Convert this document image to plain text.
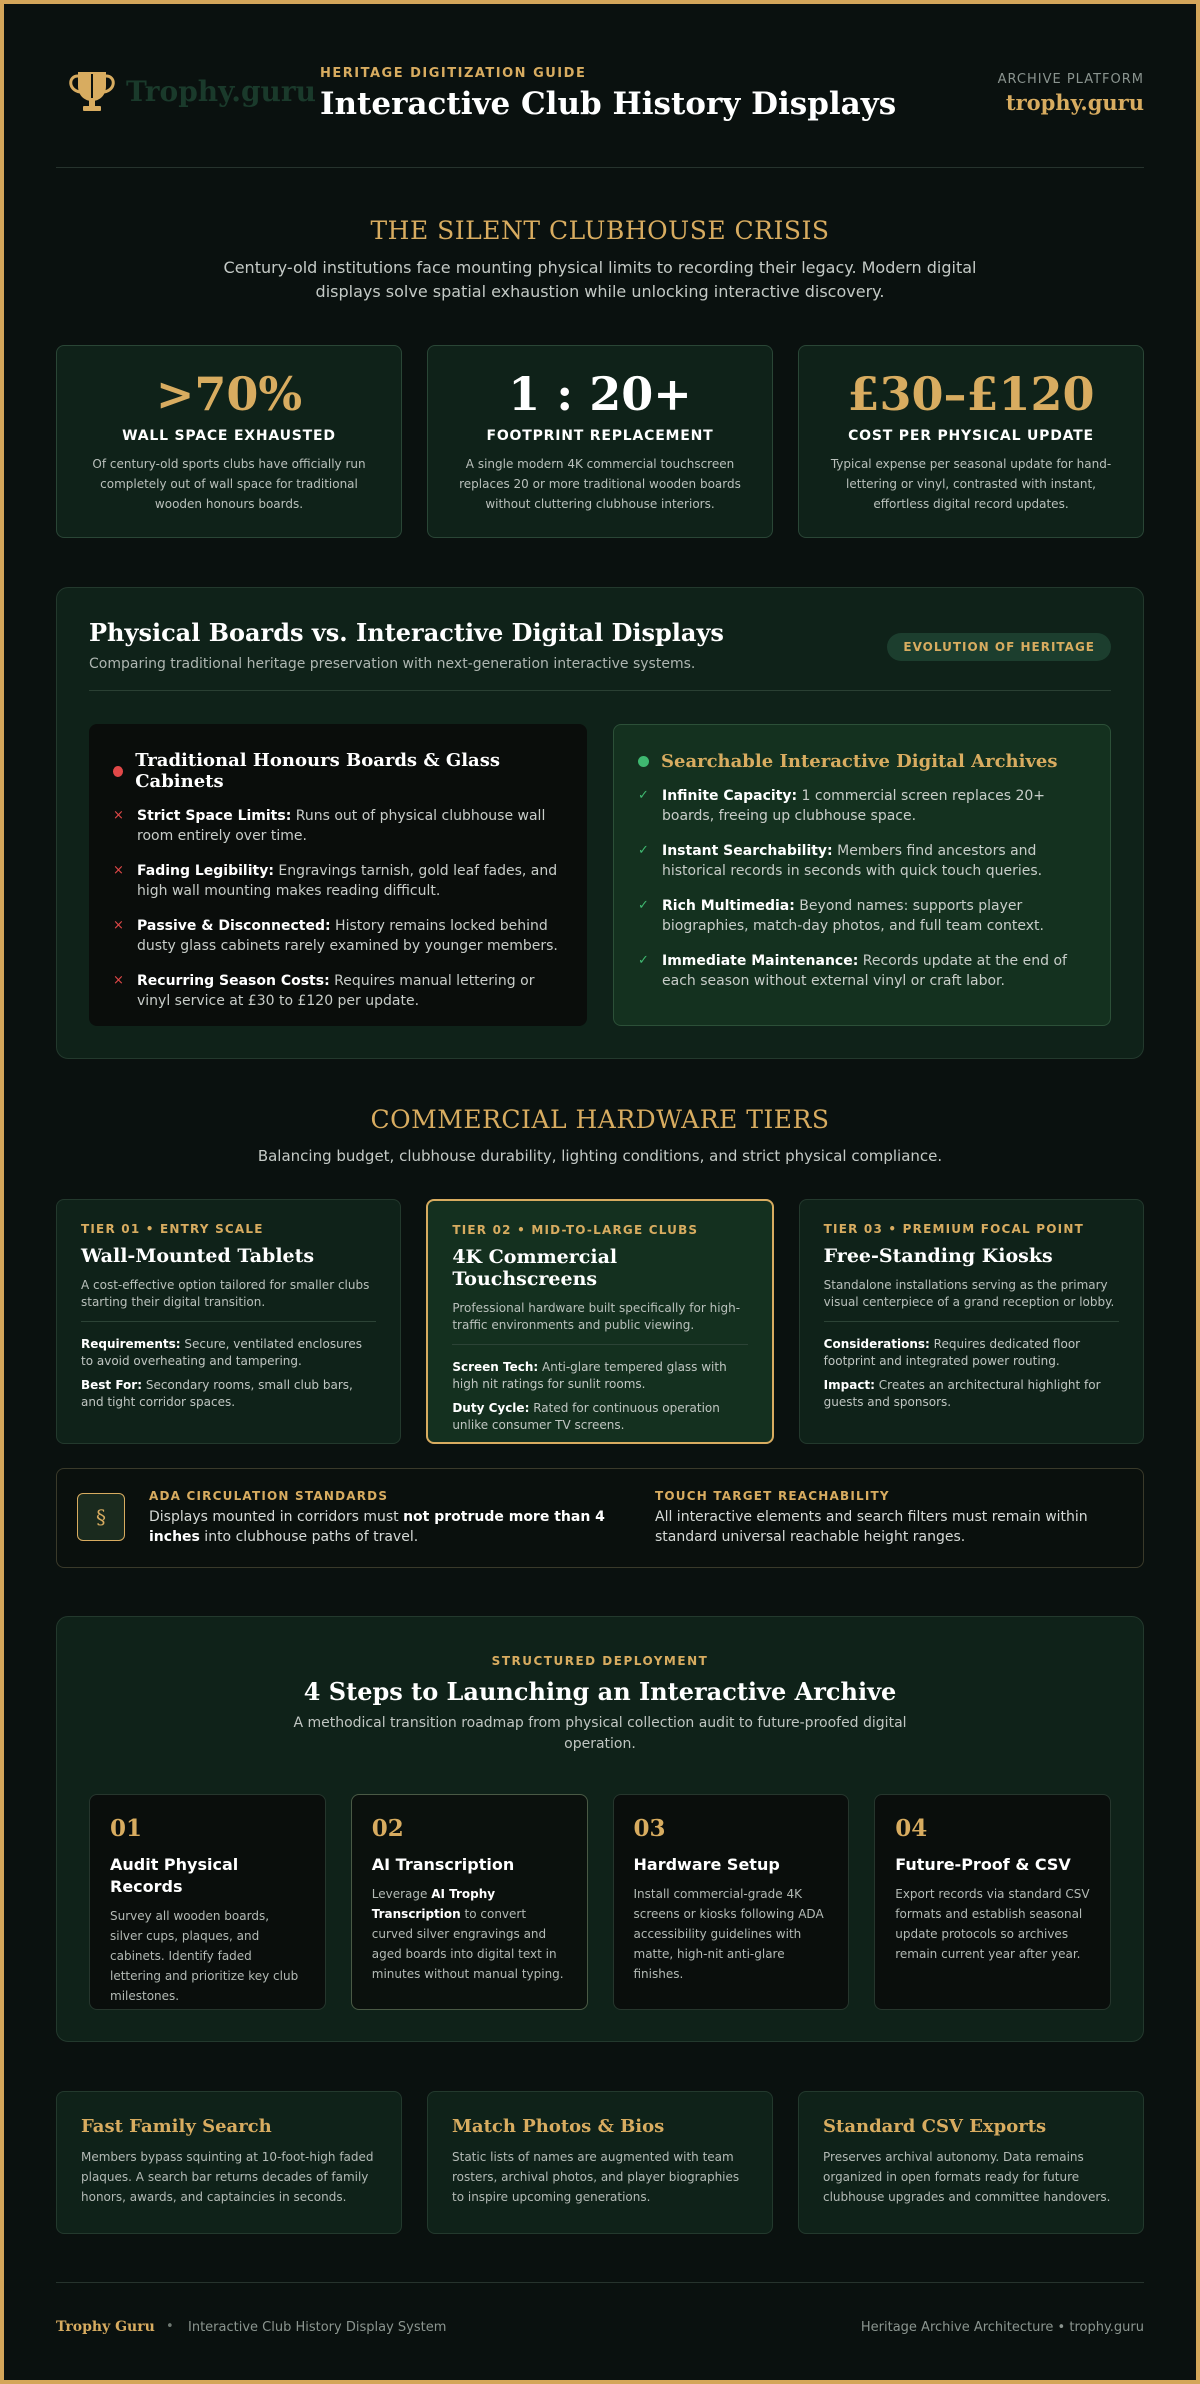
Trophy.guru
HERITAGE DIGITIZATION GUIDE
Interactive Club History Displays
ARCHIVE PLATFORM
trophy.guru
THE SILENT CLUBHOUSE CRISIS
Century-old institutions face mounting physical limits to recording their legacy. Modern digital displays solve spatial exhaustion while unlocking interactive discovery.
>70%
WALL SPACE EXHAUSTED
Of century-old sports clubs have officially run completely out of wall space for traditional wooden honours boards.
1 : 20+
FOOTPRINT REPLACEMENT
A single modern 4K commercial touchscreen replaces 20 or more traditional wooden boards without cluttering clubhouse interiors.
£30–£120
COST PER PHYSICAL UPDATE
Typical expense per seasonal update for hand-lettering or vinyl, contrasted with instant, effortless digital record updates.
Physical Boards vs. Interactive Digital Displays
Comparing traditional heritage preservation with next-generation interactive systems.
EVOLUTION OF HERITAGE
Traditional Honours Boards & Glass Cabinets
× Strict Space Limits: Runs out of physical clubhouse wall room entirely over time.
× Fading Legibility: Engravings tarnish, gold leaf fades, and high wall mounting makes reading difficult.
× Passive & Disconnected: History remains locked behind dusty glass cabinets rarely examined by younger members.
× Recurring Season Costs: Requires manual lettering or vinyl service at £30 to £120 per update.
Searchable Interactive Digital Archives
✓ Infinite Capacity: 1 commercial screen replaces 20+ boards, freeing up clubhouse space.
✓ Instant Searchability: Members find ancestors and historical records in seconds with quick touch queries.
✓ Rich Multimedia: Beyond names: supports player biographies, match-day photos, and full team context.
✓ Immediate Maintenance: Records update at the end of each season without external vinyl or craft labor.
COMMERCIAL HARDWARE TIERS
Balancing budget, clubhouse durability, lighting conditions, and strict physical compliance.
TIER 01 • ENTRY SCALE
Wall-Mounted Tablets
A cost-effective option tailored for smaller clubs starting their digital transition.
Requirements: Secure, ventilated enclosures to avoid overheating and tampering.
Best For: Secondary rooms, small club bars, and tight corridor spaces.
TIER 02 • MID-TO-LARGE CLUBS
4K Commercial Touchscreens
Professional hardware built specifically for high-traffic environments and public viewing.
Screen Tech: Anti-glare tempered glass with high nit ratings for sunlit rooms.
Duty Cycle: Rated for continuous operation unlike consumer TV screens.
TIER 03 • PREMIUM FOCAL POINT
Free-Standing Kiosks
Standalone installations serving as the primary visual centerpiece of a grand reception or lobby.
Considerations: Requires dedicated floor footprint and integrated power routing.
Impact: Creates an architectural highlight for guests and sponsors.
§
ADA CIRCULATION STANDARDS
Displays mounted in corridors must not protrude more than 4 inches into clubhouse paths of travel.
TOUCH TARGET REACHABILITY
All interactive elements and search filters must remain within standard universal reachable height ranges.
STRUCTURED DEPLOYMENT
4 Steps to Launching an Interactive Archive
A methodical transition roadmap from physical collection audit to future-proofed digital operation.
01
Audit Physical Records
Survey all wooden boards, silver cups, plaques, and cabinets. Identify faded lettering and prioritize key club milestones.
02
AI Transcription
Leverage AI Trophy Transcription to convert curved silver engravings and aged boards into digital text in minutes without manual typing.
03
Hardware Setup
Install commercial-grade 4K screens or kiosks following ADA accessibility guidelines with matte, high-nit anti-glare finishes.
04
Future-Proof & CSV
Export records via standard CSV formats and establish seasonal update protocols so archives remain current year after year.
Fast Family Search
Members bypass squinting at 10-foot-high faded plaques. A search bar returns decades of family honors, awards, and captaincies in seconds.
Match Photos & Bios
Static lists of names are augmented with team rosters, archival photos, and player biographies to inspire upcoming generations.
Standard CSV Exports
Preserves archival autonomy. Data remains organized in open formats ready for future clubhouse upgrades and committee handovers.
Trophy Guru • Interactive Club History Display System	Heritage Archive Architecture • trophy.guru
